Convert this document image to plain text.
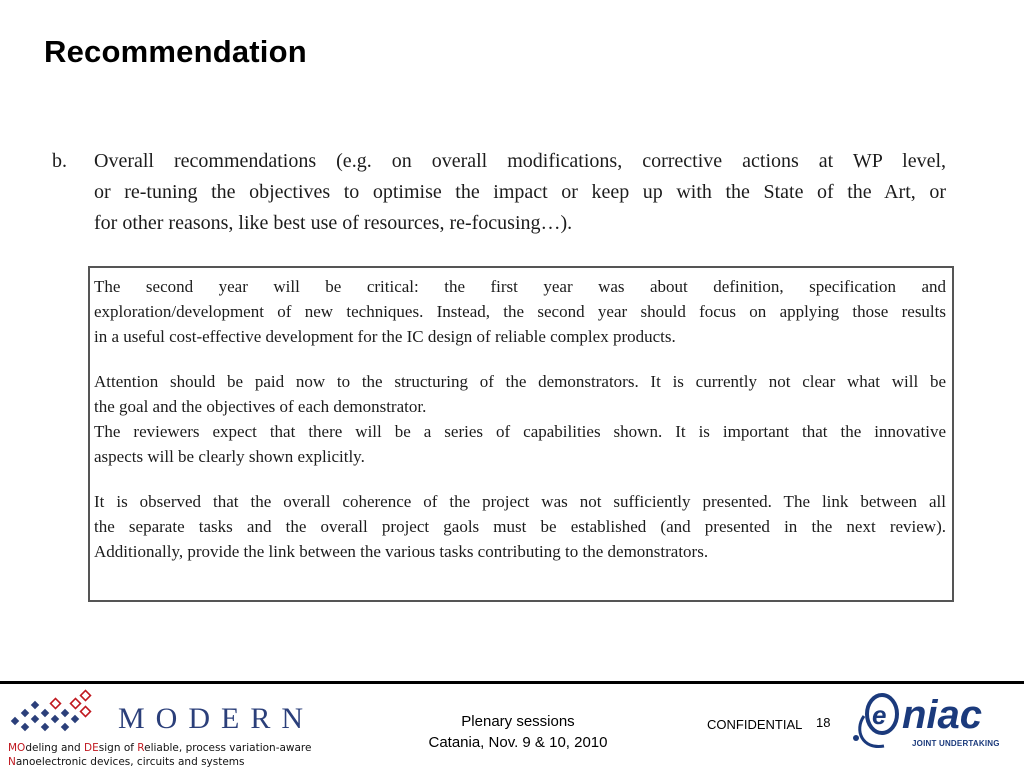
Recommendation
b. Overall recommendations (e.g. on overall modifications, corrective actions at WP level,
or re-tuning the objectives to optimise the impact or keep up with the State of the Art, or
for other reasons, like best use of resources, re-focusing…).
The second year will be critical: the first year was about definition, specification and
exploration/development of new techniques. Instead, the second year should focus on applying those results
in a useful cost-effective development for the IC design of reliable complex products.
Attention should be paid now to the structuring of the demonstrators. It is currently not clear what will be
the goal and the objectives of each demonstrator.
The reviewers expect that there will be a series of capabilities shown. It is important that the innovative
aspects will be clearly shown explicitly.
It is observed that the overall coherence of the project was not sufficiently presented. The link between all
the separate tasks and the overall project gaols must be established (and presented in the next review).
Additionally, provide the link between the various tasks contributing to the demonstrators.
MODERN
MOdeling and DEsign of Reliable, process variation-aware
Nanoelectronic devices, circuits and systems
Plenary sessions
Catania, Nov. 9 & 10, 2010
CONFIDENTIAL 18 e niac
JOINT UNDERTAKING
